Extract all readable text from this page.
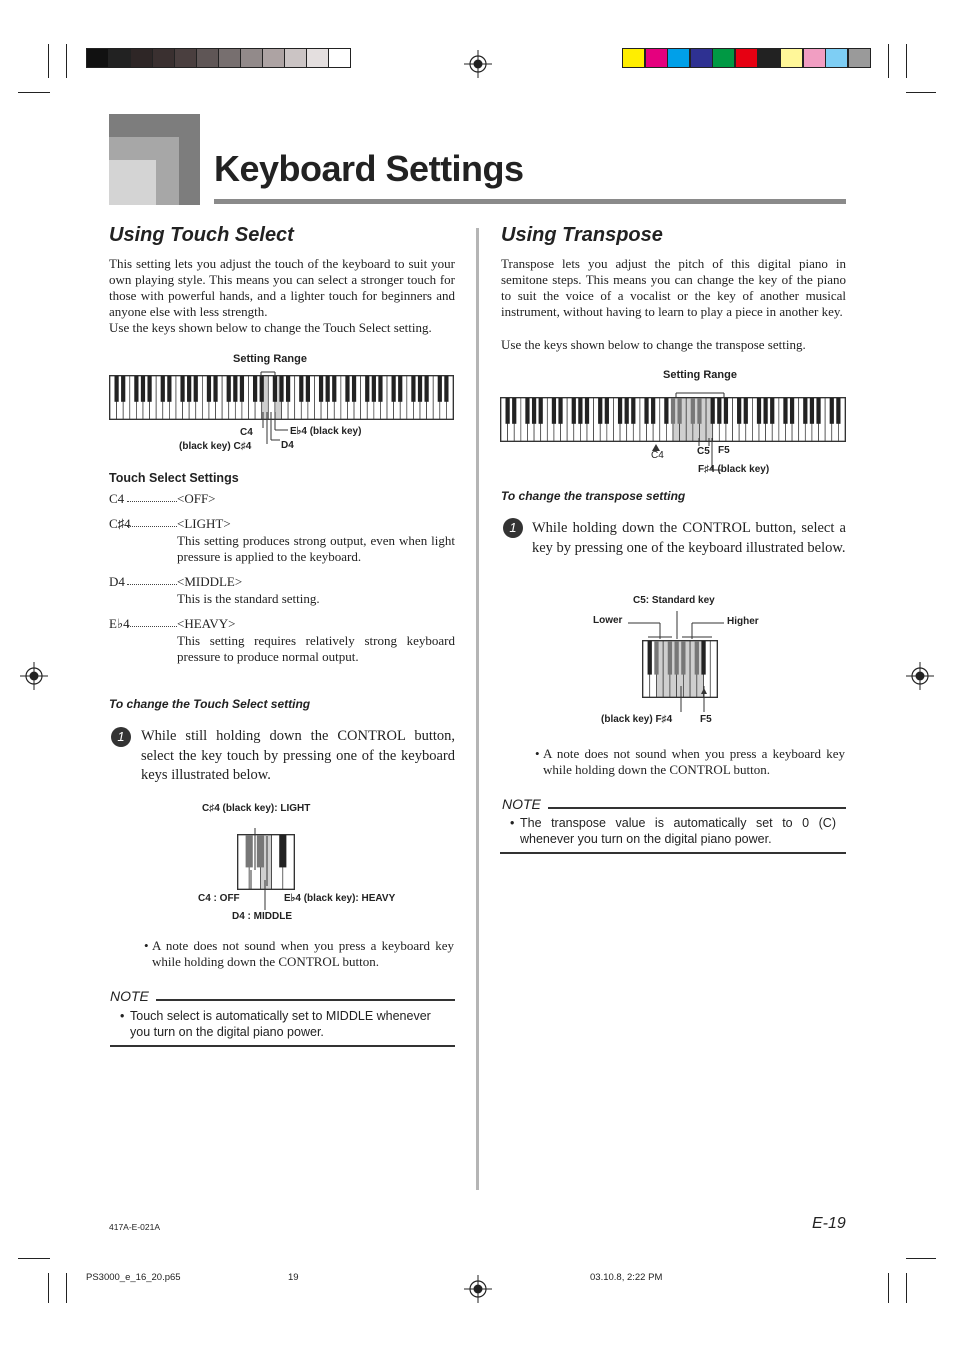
Keyboard Settings
Using Touch Select
This setting lets you adjust the touch of the keyboard to suit your own playing style. This means you can select a stronger touch for those with powerful hands, and a lighter touch for beginners and anyone else with less strength.
Use the keys shown below to change the Touch Select setting.
Setting Range
C4	E♭4 (black key)
(black key) C♯4	D4
Touch Select Settings
C4	<OFF>
C♯4	<LIGHT>
This setting produces strong output, even when light pressure is applied to the keyboard.
D4	<MIDDLE>
This is the standard setting.
E♭4	<HEAVY>
This setting requires relatively strong keyboard pressure to produce normal output.
To change the Touch Select setting
1	While still holding down the CONTROL button, select the key touch by pressing one of the keyboard keys illustrated below.
C♯4 (black key): LIGHT
C4 : OFF	E♭4 (black key): HEAVY
D4 : MIDDLE
• A note does not sound when you press a keyboard key while holding down the CONTROL button.
NOTE
• Touch select is automatically set to MIDDLE whenever you turn on the digital piano power.
Using Transpose
Transpose lets you adjust the pitch of this digital piano in semitone steps. This means you can change the key of the piano to suit the voice of a vocalist or the key of another musical instrument, without having to learn to play a piece in another key.
Use the keys shown below to change the transpose setting.
Setting Range
C4	C5 F5
F♯4 (black key)
To change the transpose setting
1	While holding down the CONTROL button, select a key by pressing one of the keyboard illustrated below.
C5: Standard key
Lower	Higher
(black key) F♯4	F5
• A note does not sound when you press a keyboard key while holding down the CONTROL button.
NOTE
• The transpose value is automatically set to 0 (C) whenever you turn on the digital piano power.
E-19
417A-E-021A
PS3000_e_16_20.p65	19	03.10.8, 2:22 PM
